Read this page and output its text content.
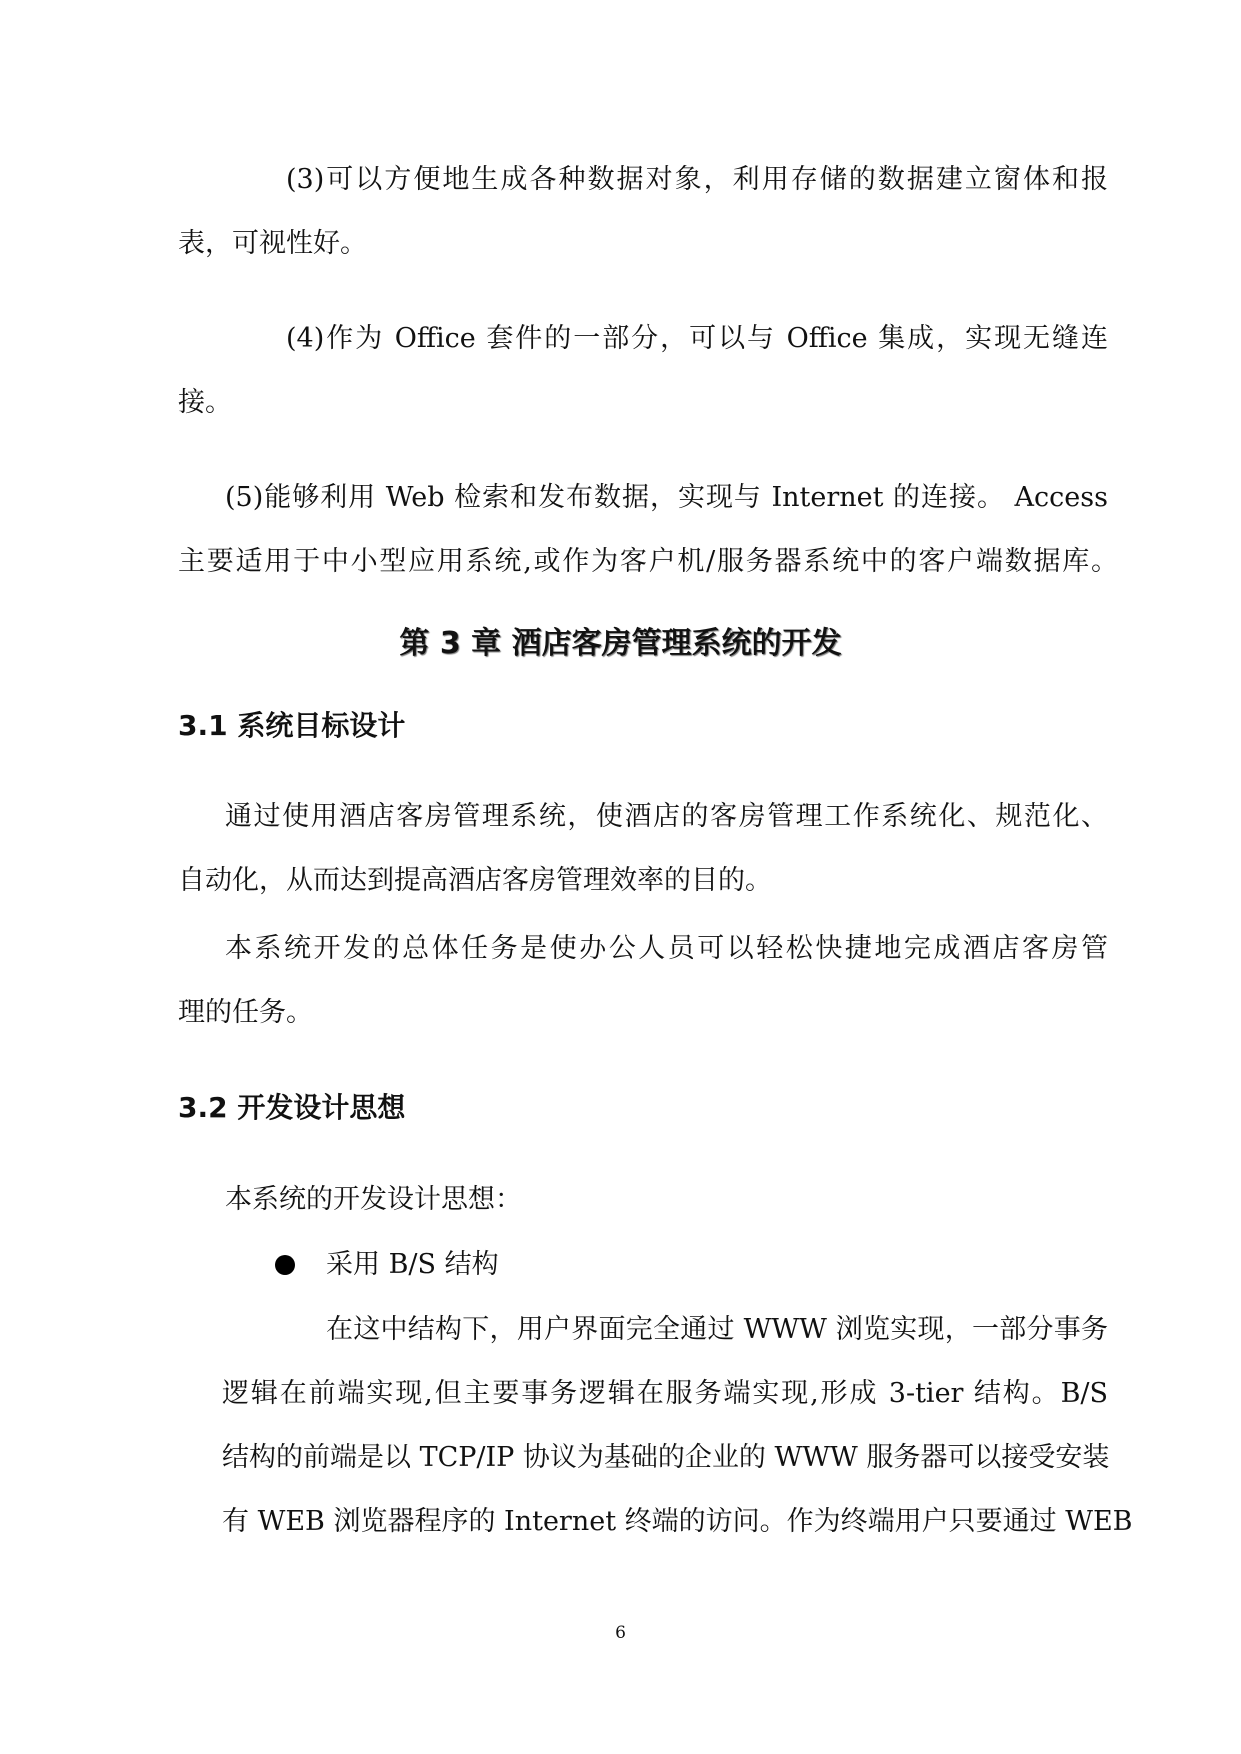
(3)可以方便地生成各种数据对象，利用存储的数据建立窗体和报
表，可视性好。
(4)作为 Office 套件的一部分，可以与 Office 集成，实现无缝连
接。
(5)能够利用 Web 检索和发布数据，实现与 Internet 的连接。 Access
主要适用于中小型应用系统,或作为客户机/服务器系统中的客户端数据库。
第 3 章 酒店客房管理系统的开发
3.1 系统目标设计
通过使用酒店客房管理系统，使酒店的客房管理工作系统化、规范化、
自动化，从而达到提高酒店客房管理效率的目的。
本系统开发的总体任务是使办公人员可以轻松快捷地完成酒店客房管
理的任务。
3.2 开发设计思想
本系统的开发设计思想：
采用 B/S 结构
在这中结构下，用户界面完全通过 WWW 浏览实现，一部分事务
逻辑在前端实现,但主要事务逻辑在服务端实现,形成 3-tier 结构。B/S
结构的前端是以 TCP/IP 协议为基础的企业的 WWW 服务器可以接受安装
有 WEB 浏览器程序的 Internet 终端的访问。作为终端用户只要通过 WEB
6
